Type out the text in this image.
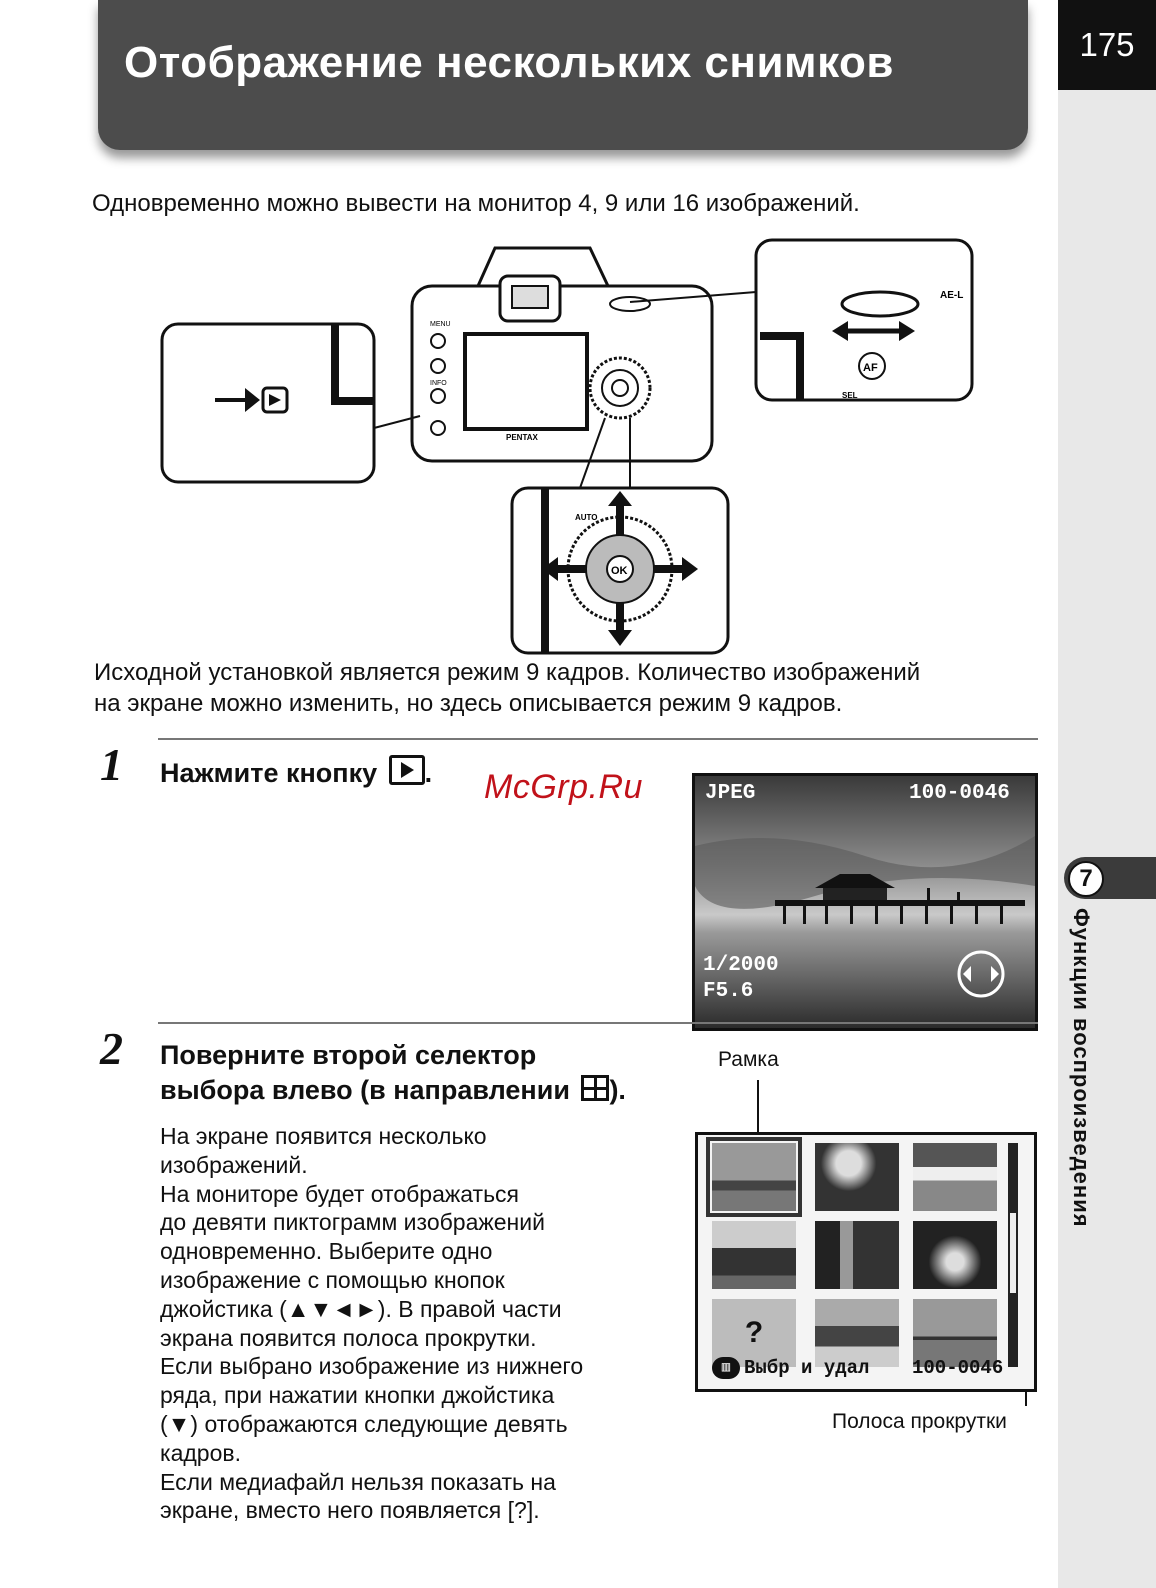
Отображение нескольких снимков	175
7
Функции воспроизведения
Одновременно можно вывести на монитор 4, 9 или 16 изображений.
PENTAX
MENU
INFO
AF
AE-L
SEL
OK
AUTO
Исходной установкой является режим 9 кадров. Количество изображений
на экране можно изменить, но здесь описывается режим 9 кадров.
1 Нажмите кнопку . McGrp.Ru	JPEG	100-0046
1/2000
F5.6
2 Поверните второй селектор
выбора влево (в направлении ).
На экране появится несколько
изображений.
На мониторе будет отображаться
до девяти пиктограмм изображений
одновременно. Выберите одно
изображение с помощью кнопок
джойстика (▲▼◄►). В правой части
экрана появится полоса прокрутки.
Если выбрано изображение из нижнего
ряда, при нажатии кнопки джойстика
(▼) отображаются следующие девять
кадров.
Если медиафайл нельзя показать на
экране, вместо него появляется [?].
Рамка
Полоса прокрутки
?
▥ Выбр и удал 100-0046
